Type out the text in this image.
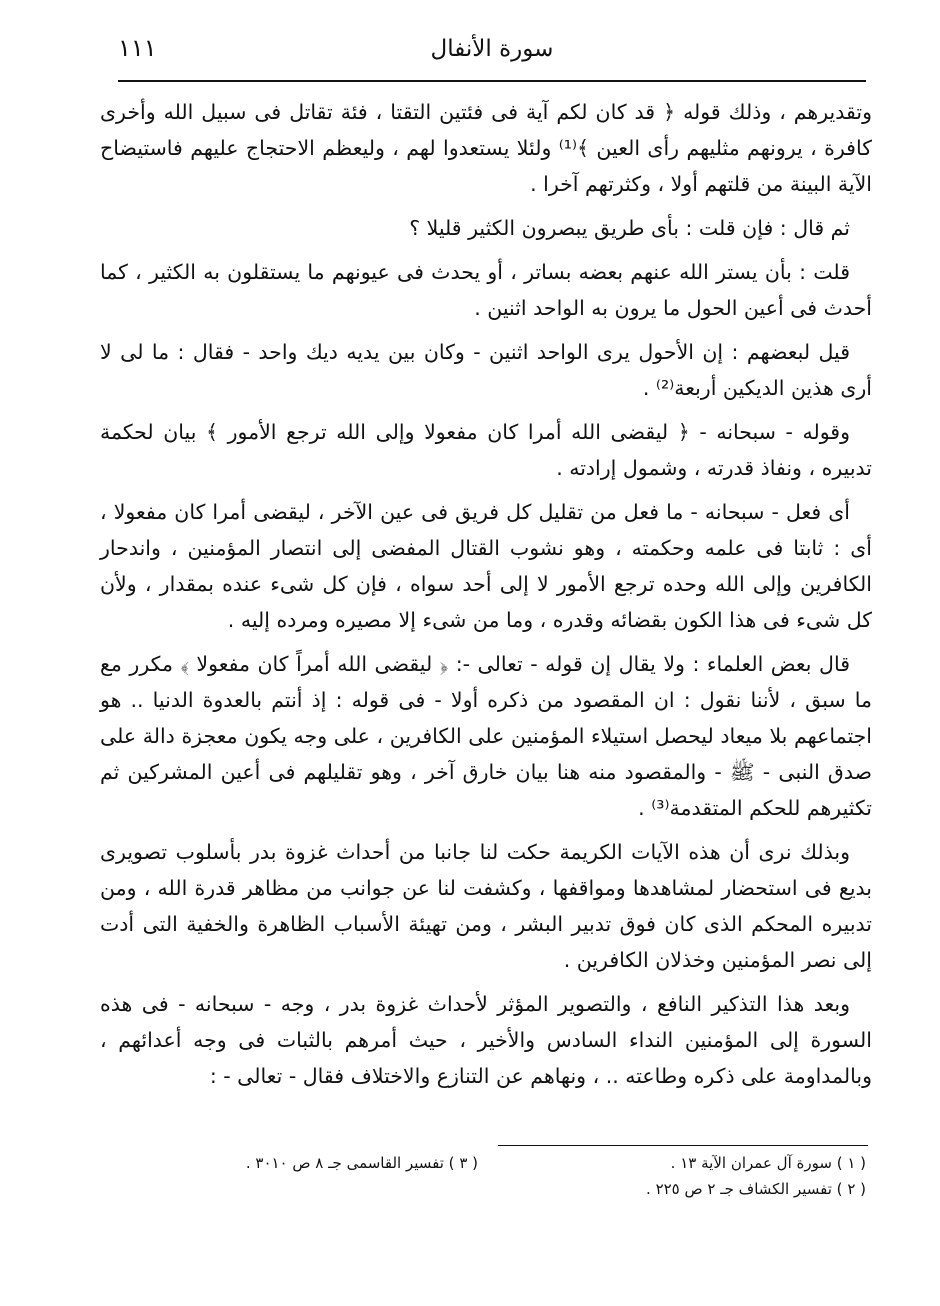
سورة الأنفال
١١١

وتقديرهم ، وذلك قوله ﴿ قد كان لكم آية فى فئتين التقتا ، فئة تقاتل فى سبيل الله وأخرى كافرة ، يرونهم مثليهم رأى العين ﴾⁽¹⁾ ولئلا يستعدوا لهم ، وليعظم الاحتجاج عليهم فاستيضاح الآية البينة من قلتهم أولا ، وكثرتهم آخرا .

ثم قال : فإن قلت : بأى طريق يبصرون الكثير قليلا ؟

قلت : بأن يستر الله عنهم بعضه بساتر ، أو يحدث فى عيونهم ما يستقلون به الكثير ، كما أحدث فى أعين الحول ما يرون به الواحد اثنين .

قيل لبعضهم : إن الأحول يرى الواحد اثنين - وكان بين يديه ديك واحد - فقال : ما لى لا أرى هذين الديكين أربعة⁽²⁾ .

وقوله - سبحانه - ﴿ ليقضى الله أمرا كان مفعولا وإلى الله ترجع الأمور ﴾ بيان لحكمة تدبيره ، ونفاذ قدرته ، وشمول إرادته .

أى فعل - سبحانه - ما فعل من تقليل كل فريق فى عين الآخر ، ليقضى أمرا كان مفعولا ، أى : ثابتا فى علمه وحكمته ، وهو نشوب القتال المفضى إلى انتصار المؤمنين ، واندحار الكافرين وإلى الله وحده ترجع الأمور لا إلى أحد سواه ، فإن كل شىء عنده بمقدار ، ولأن كل شىء فى هذا الكون بقضائه وقدره ، وما من شىء إلا مصيره ومرده إليه .

قال بعض العلماء : ولا يقال إن قوله - تعالى -: ﴿ ليقضى الله أمراً كان مفعولا ﴾ مكرر مع ما سبق ، لأننا نقول : ان المقصود من ذكره أولا - فى قوله : إذ أنتم بالعدوة الدنيا .. هو اجتماعهم بلا ميعاد ليحصل استيلاء المؤمنين على الكافرين ، على وجه يكون معجزة دالة على صدق النبى - ﷺ - والمقصود منه هنا بيان خارق آخر ، وهو تقليلهم فى أعين المشركين ثم تكثيرهم للحكم المتقدمة⁽³⁾ .

وبذلك نرى أن هذه الآيات الكريمة حكت لنا جانبا من أحداث غزوة بدر بأسلوب تصويرى بديع فى استحضار لمشاهدها ومواقفها ، وكشفت لنا عن جوانب من مظاهر قدرة الله ، ومن تدبيره المحكم الذى كان فوق تدبير البشر ، ومن تهيئة الأسباب الظاهرة والخفية التى أدت إلى نصر المؤمنين وخذلان الكافرين .

وبعد هذا التذكير النافع ، والتصوير المؤثر لأحداث غزوة بدر ، وجه - سبحانه - فى هذه السورة إلى المؤمنين النداء السادس والأخير ، حيث أمرهم بالثبات فى وجه أعدائهم ، وبالمداومة على ذكره وطاعته .. ، ونهاهم عن التنازع والاختلاف فقال - تعالى - :

( ١ ) سورة آل عمران الآية ١٣ .
( ٢ ) تفسير الكشاف جـ ٢ ص ٢٢٥ .
( ٣ ) تفسير القاسمى جـ ٨ ص ٣٠١٠ .
